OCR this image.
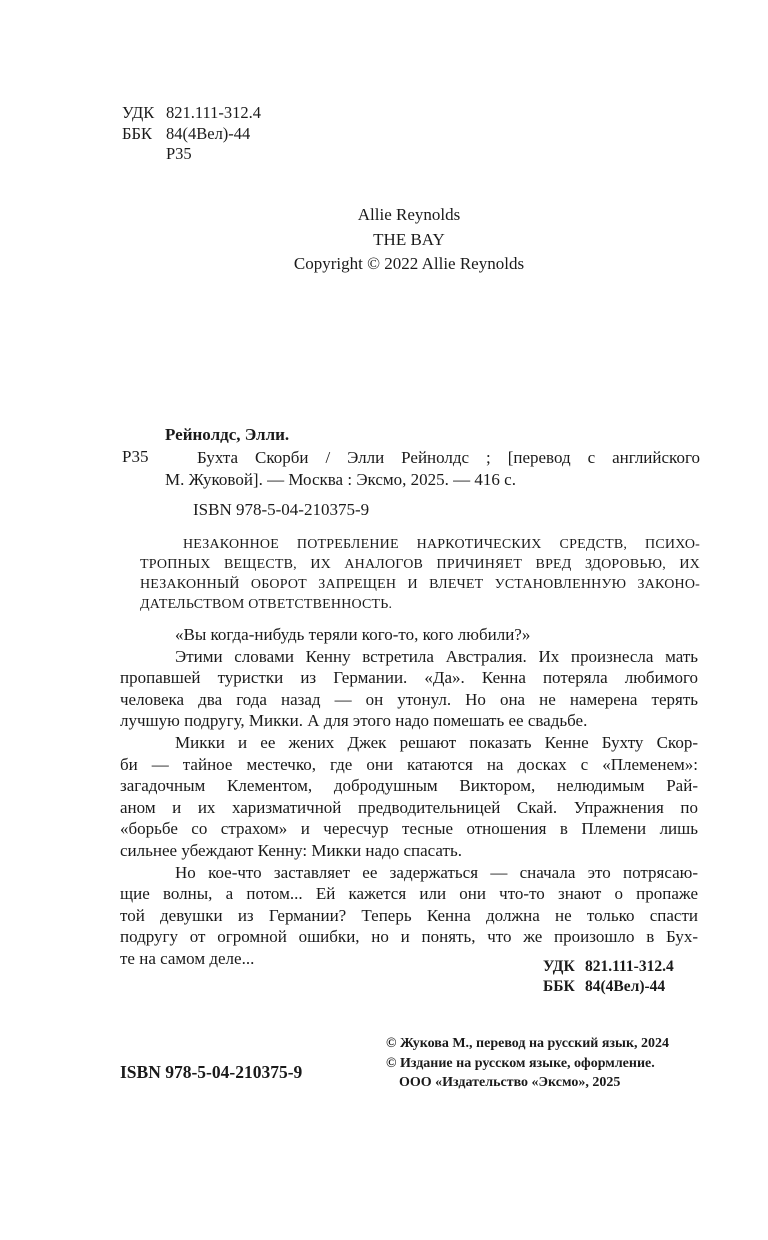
УДК 821.111-312.4
ББК 84(4Вел)-44
Р35
Allie Reynolds
THE BAY
Copyright © 2022 Allie Reynolds
Рейнолдс, Элли.
Р35	Бухта Скорби / Элли Рейнолдс ; [перевод с английского
М. Жуковой]. — Москва : Эксмо, 2025. — 416 с.
ISBN 978-5-04-210375-9
НЕЗАКОННОЕ ПОТРЕБЛЕНИЕ НАРКОТИЧЕСКИХ СРЕДСТВ, ПСИХО-
ТРОПНЫХ ВЕЩЕСТВ, ИХ АНАЛОГОВ ПРИЧИНЯЕТ ВРЕД ЗДОРОВЬЮ, ИХ
НЕЗАКОННЫЙ ОБОРОТ ЗАПРЕЩЕН И ВЛЕЧЕТ УСТАНОВЛЕННУЮ ЗАКОНО-
ДАТЕЛЬСТВОМ ОТВЕТСТВЕННОСТЬ.
«Вы когда-нибудь теряли кого-то, кого любили?»
Этими словами Кенну встретила Австралия. Их произнесла мать
пропавшей туристки из Германии. «Да». Кенна потеряла любимого
человека два года назад — он утонул. Но она не намерена терять
лучшую подругу, Микки. А для этого надо помешать ее свадьбе.
Микки и ее жених Джек решают показать Кенне Бухту Скор-
би — тайное местечко, где они катаются на досках с «Племенем»:
загадочным Клементом, добродушным Виктором, нелюдимым Рай-
аном и их харизматичной предводительницей Скай. Упражнения по
«борьбе со страхом» и чересчур тесные отношения в Племени лишь
сильнее убеждают Кенну: Микки надо спасать.
Но кое-что заставляет ее задержаться — сначала это потрясаю-
щие волны, а потом... Ей кажется или они что-то знают о пропаже
той девушки из Германии? Теперь Кенна должна не только спасти
подругу от огромной ошибки, но и понять, что же произошло в Бух-
те на самом деле...	УДК 821.111-312.4
ББК 84(4Вел)-44
© Жукова М., перевод на русский язык, 2024
© Издание на русском языке, оформление.
ООО «Издательство «Эксмо», 2025
ISBN 978-5-04-210375-9
